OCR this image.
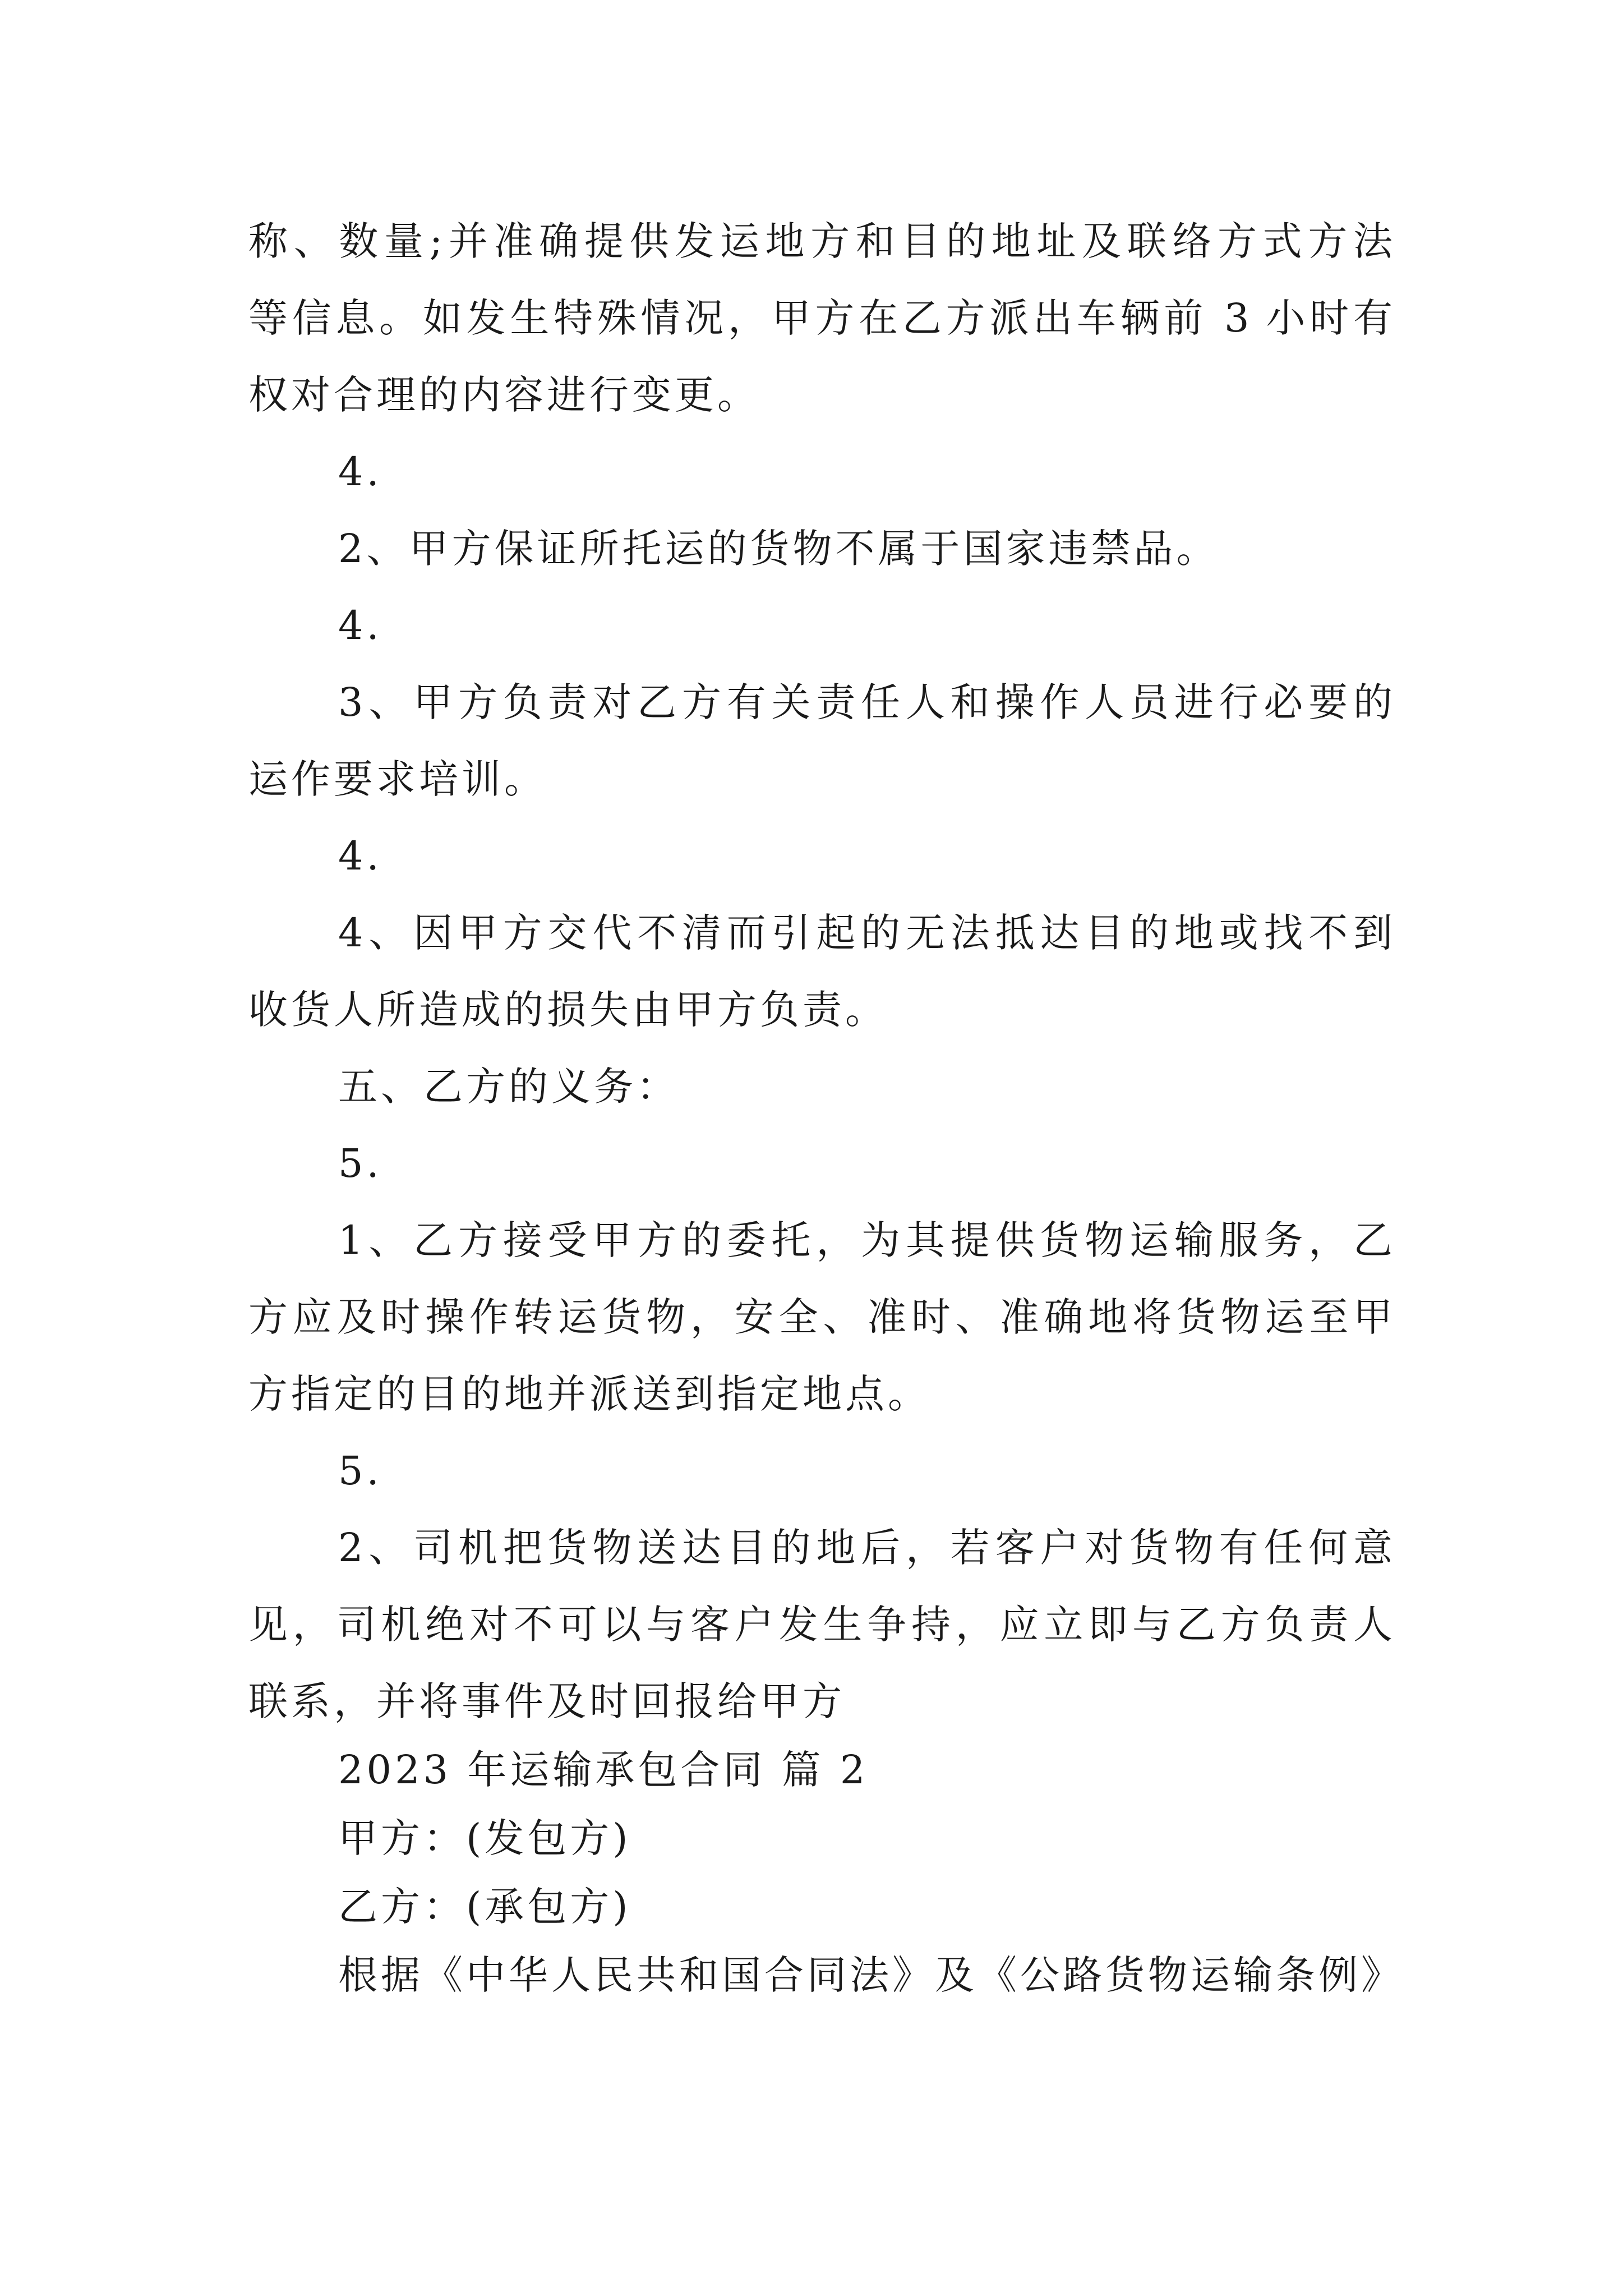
称、数量;并准确提供发运地方和目的地址及联络方式方法
等信息。如发生特殊情况，甲方在乙方派出车辆前 3 小时有
权对合理的内容进行变更。
4.
2、甲方保证所托运的货物不属于国家违禁品。
4.
3、甲方负责对乙方有关责任人和操作人员进行必要的
运作要求培训。
4.
4、因甲方交代不清而引起的无法抵达目的地或找不到
收货人所造成的损失由甲方负责。
五、乙方的义务：
5.
1、乙方接受甲方的委托，为其提供货物运输服务，乙
方应及时操作转运货物，安全、准时、准确地将货物运至甲
方指定的目的地并派送到指定地点。
5.
2、司机把货物送达目的地后，若客户对货物有任何意
见，司机绝对不可以与客户发生争持，应立即与乙方负责人
联系，并将事件及时回报给甲方
2023 年运输承包合同 篇 2
甲方：(发包方)
乙方：(承包方)
根据《中华人民共和国合同法》及《公路货物运输条例》
